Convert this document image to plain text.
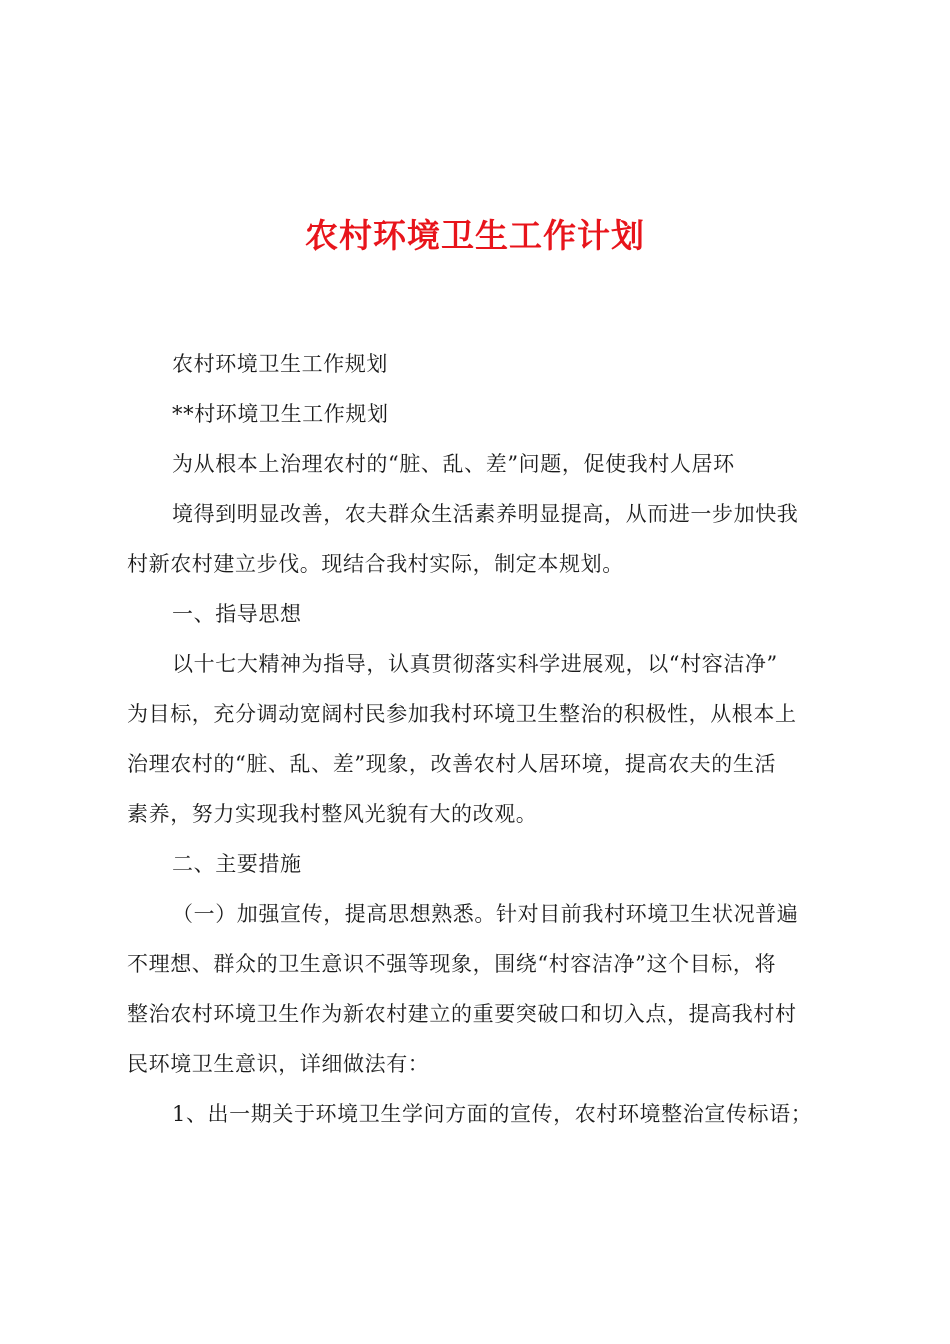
农村环境卫生工作计划

农村环境卫生工作规划

**村环境卫生工作规划

为从根本上治理农村的“脏、乱、差”问题，促使我村人居环

境得到明显改善，农夫群众生活素养明显提高，从而进一步加快我

村新农村建立步伐。现结合我村实际，制定本规划。

一、指导思想

以十七大精神为指导，认真贯彻落实科学进展观，以“村容洁净”

为目标，充分调动宽阔村民参加我村环境卫生整治的积极性，从根本上

治理农村的“脏、乱、差”现象，改善农村人居环境，提高农夫的生活

素养，努力实现我村整风光貌有大的改观。

二、主要措施

（一）加强宣传，提高思想熟悉。针对目前我村环境卫生状况普遍

不理想、群众的卫生意识不强等现象，围绕“村容洁净”这个目标，将

整治农村环境卫生作为新农村建立的重要突破口和切入点，提高我村村

民环境卫生意识，详细做法有：

1、出一期关于环境卫生学问方面的宣传，农村环境整治宣传标语；
